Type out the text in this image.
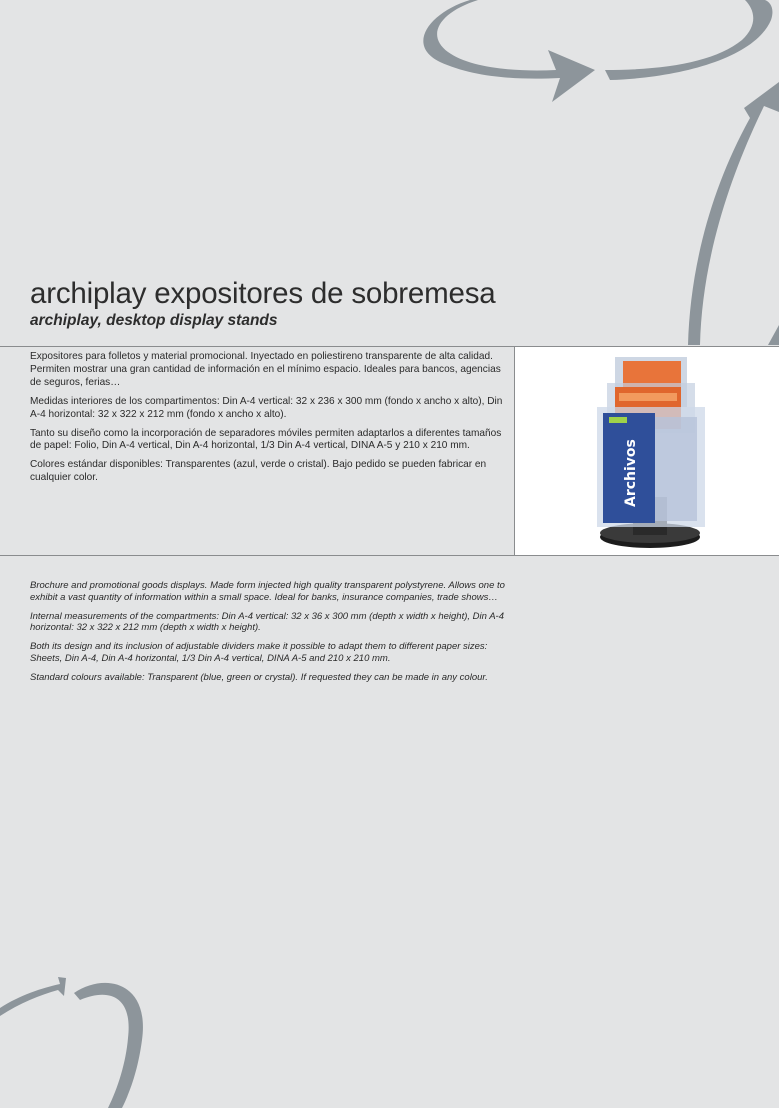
archiplay expositores de sobremesa
archiplay, desktop display stands

Expositores para folletos y material promocional. Inyectado en poliestireno transparente de alta calidad. Permiten mostrar una gran cantidad de información en el mínimo espacio. Ideales para bancos, agencias de seguros, ferias…

Medidas interiores de los compartimentos: Din A-4 vertical: 32 x 236 x 300 mm (fondo x ancho x alto), Din A-4 horizontal: 32 x 322 x 212 mm (fondo x ancho x alto).

Tanto su diseño como la incorporación de separadores móviles permiten adaptarlos a diferentes tamaños de papel: Folio, Din A-4 vertical, Din A-4 horizontal, 1/3 Din A-4 vertical, DINA A-5 y 210 x 210 mm.

Colores estándar disponibles: Transparentes (azul, verde o cristal). Bajo pedido se pueden fabricar en cualquier color.	Archivos

Brochure and promotional goods displays. Made form injected high quality transparent polystyrene. Allows one to exhibit a vast quantity of information within a small space. Ideal for banks, insurance companies, trade shows…

Internal measurements of the compartments: Din A-4 vertical: 32 x 36 x 300 mm (depth x width x height), Din A-4 horizontal: 32 x 322 x 212 mm (depth x width x height).

Both its design and its inclusion of adjustable dividers make it possible to adapt them to different paper sizes: Sheets, Din A-4, Din A-4 horizontal, 1/3 Din A-4 vertical, DINA A-5 and 210 x 210 mm.

Standard colours available: Transparent (blue, green or crystal). If requested they can be made in any colour.
